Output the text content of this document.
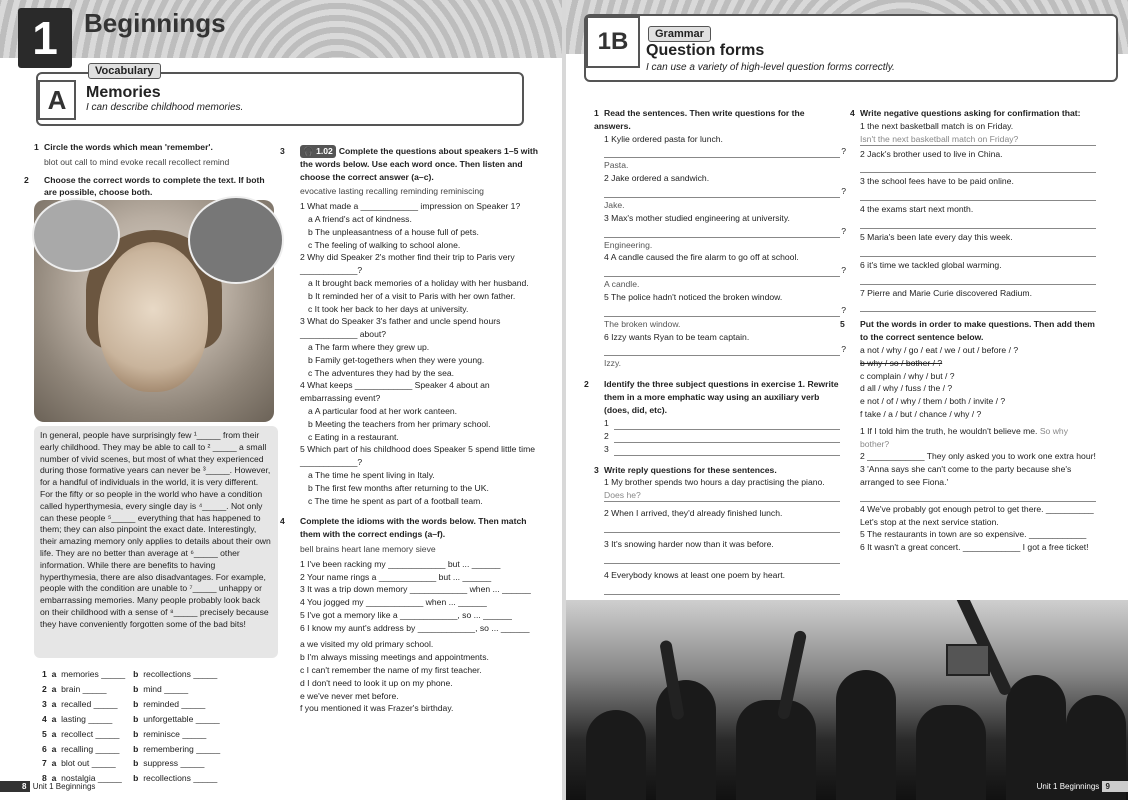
1	Beginnings
A
Vocabulary
Memories
I can describe childhood memories.
1 Circle the words which mean 'remember'.
blot out call to mind evoke recall recollect remind
2 Choose the correct words to complete the text. If both are possible, choose both.
In general, people have surprisingly few ¹_____ from their early childhood. They may be able to call to ² _____ a small number of vivid scenes, but most of what they experienced during those formative years can never be ³_____. However, for a handful of individuals in the world, it is very different. For the fifty or so people in the world who have a condition called hyperthymesia, every single day is ⁴_____. Not only can these people ⁵_____ everything that has happened to them; they can also pinpoint the exact date. Interestingly, their amazing memory only applies to details about their own life. They are no better than average at ⁶_____ other information. While there are benefits to having hyperthymesia, there are also disadvantages. For example, people with the condition are unable to ⁷_____ unhappy or embarrassing memories. Many people probably look back on their childhood with a sense of ⁸_____ precisely because they have conveniently forgotten some of the bad bits!
1 a memories _____	b recollections _____
2 a brain _____	b mind _____
3 a recalled _____	b reminded _____
4 a lasting _____	b unforgettable _____
5 a recollect _____	b reminisce _____
6 a recalling _____	b remembering _____
7 a blot out _____	b suppress _____
8 a nostalgia _____	b recollections _____
3 🎧 1.02 Complete the questions about speakers 1–5 with the words below. Use each word once. Then listen and choose the correct answer (a–c).
evocative lasting recalling reminding reminiscing
1 What made a ____________ impression on Speaker 1?
a A friend's act of kindness.
b The unpleasantness of a house full of pets.
c The feeling of walking to school alone.
2 Why did Speaker 2's mother find their trip to Paris very ____________?
a It brought back memories of a holiday with her husband.
b It reminded her of a visit to Paris with her own father.
c It took her back to her days at university.
3 What do Speaker 3's father and uncle spend hours ____________ about?
a The farm where they grew up.
b Family get-togethers when they were young.
c The adventures they had by the sea.
4 What keeps ____________ Speaker 4 about an embarrassing event?
a A particular food at her work canteen.
b Meeting the teachers from her primary school.
c Eating in a restaurant.
5 Which part of his childhood does Speaker 5 spend little time ____________?
a The time he spent living in Italy.
b The first few months after returning to the UK.
c The time he spent as part of a football team.
4 Complete the idioms with the words below. Then match them with the correct endings (a–f).
bell brains heart lane memory sieve
1 I've been racking my ____________ but ... ______
2 Your name rings a ____________ but ... ______
3 It was a trip down memory ____________ when ... ______
4 You jogged my ____________ when ... ______
5 I've got a memory like a ____________, so ... ______
6 I know my aunt's address by ____________, so ... ______
a we visited my old primary school.
b I'm always missing meetings and appointments.
c I can't remember the name of my first teacher.
d I don't need to look it up on my phone.
e we've never met before.
f you mentioned it was Frazer's birthday.
8 Unit 1 Beginnings
1B	Grammar
Question forms
I can use a variety of high-level question forms correctly.
1 Read the sentences. Then write questions for the answers.
1 Kylie ordered pasta for lunch.
?
Pasta.
2 Jake ordered a sandwich.
?
Jake.
3 Max's mother studied engineering at university.
?
Engineering.
4 A candle caused the fire alarm to go off at school.
?
A candle.
5 The police hadn't noticed the broken window.
?
The broken window.
6 Izzy wants Ryan to be team captain.
?
Izzy.
2 Identify the three subject questions in exercise 1. Rewrite them in a more emphatic way using an auxiliary verb (does, did, etc).
1
2
3
3 Write reply questions for these sentences.
1 My brother spends two hours a day practising the piano.
Does he?
2 When I arrived, they'd already finished lunch.
3 It's snowing harder now than it was before.
4 Everybody knows at least one poem by heart.
4 Write negative questions asking for confirmation that:
1 the next basketball match is on Friday.
Isn't the next basketball match on Friday?
2 Jack's brother used to live in China.
3 the school fees have to be paid online.
4 the exams start next month.
5 Maria's been late every day this week.
6 it's time we tackled global warming.
7 Pierre and Marie Curie discovered Radium.
5 Put the words in order to make questions. Then add them to the correct sentence below.
a not / why / go / eat / we / out / before / ?
b why / so / bother / ?
c complain / why / but / ?
d all / why / fuss / the / ?
e not / of / why / them / both / invite / ?
f take / a / but / chance / why / ?
1 If I told him the truth, he wouldn't believe me. So why bother?
2 ____________ They only asked you to work one extra hour!
3 'Anna says she can't come to the party because she's arranged to see Fiona.'
4 We've probably got enough petrol to get there. __________ Let's stop at the next service station.
5 The restaurants in town are so expensive. ____________
6 It wasn't a great concert. ____________ I got a free ticket!
Unit 1 Beginnings 9
